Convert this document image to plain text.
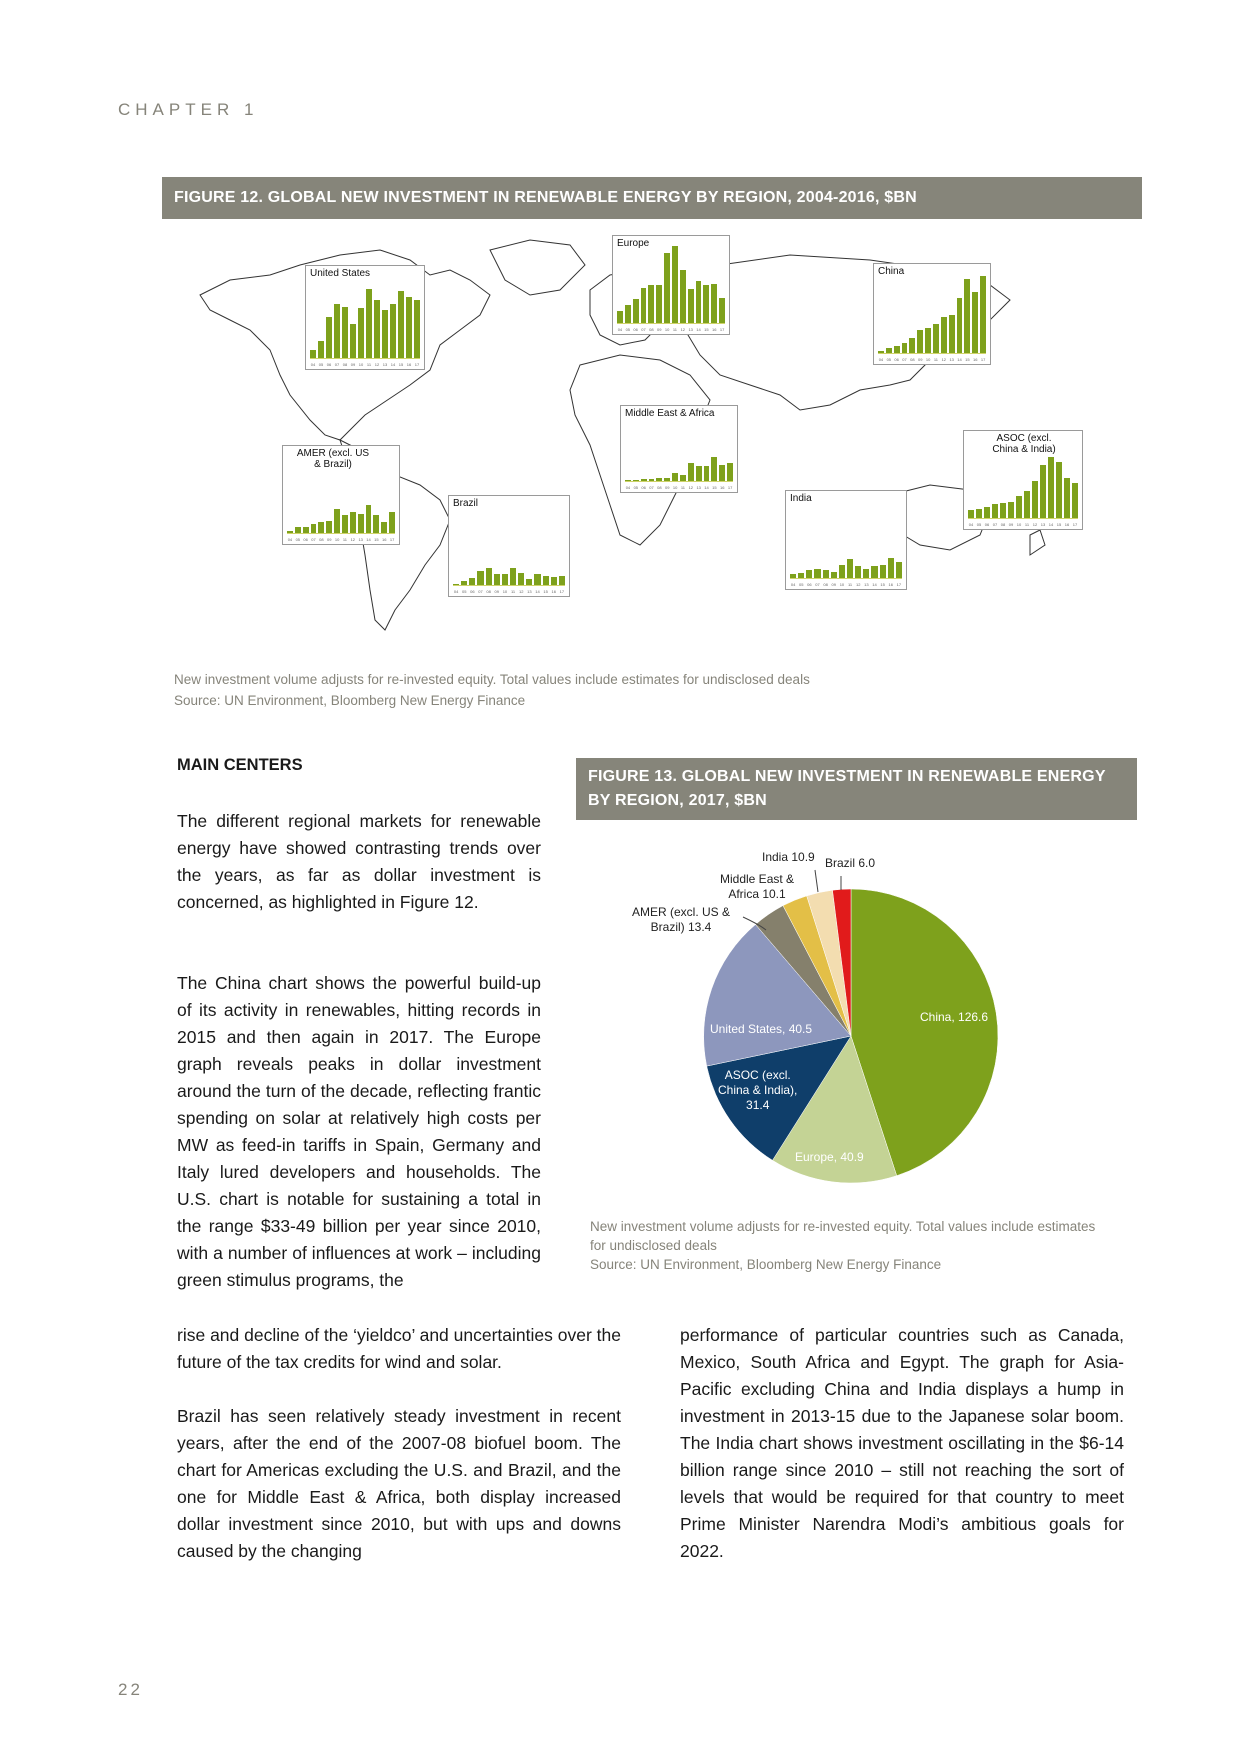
CHAPTER 1
FIGURE 12. GLOBAL NEW INVESTMENT IN RENEWABLE ENERGY BY REGION, 2004-2016, $BN
United States
04 05 06 07 08 09 10 11 12 13 14 15 16 17
Europe
04 05 06 07 08 09 10 11 12 13 14 15 16 17
China
04 05 06 07 08 09 10 11 12 13 14 15 16 17
Middle East & Africa
04 05 06 07 08 09 10 11 12 13 14 15 16 17
ASOC (excl. China & India)
04 05 06 07 08 09 10 11 12 13 14 15 16 17
AMER (excl. US & Brazil)
04 05 06 07 08 09 10 11 12 13 14 15 16 17
Brazil
04 05 06 07 08 09 10 11 12 13 14 15 16 17
India
04 05 06 07 08 09 10 11 12 13 14 15 16 17
New investment volume adjusts for re-invested equity. Total values include estimates for undisclosed deals
Source: UN Environment, Bloomberg New Energy Finance
MAIN CENTERS
The different regional markets for renewable energy have showed contrasting trends over the years, as far as dollar investment is concerned, as highlighted in Figure 12.
The China chart shows the powerful build-up of its activity in renewables, hitting records in 2015 and then again in 2017. The Europe graph reveals peaks in dollar investment around the turn of the decade, reflecting frantic spending on solar at relatively high costs per MW as feed-in tariffs in Spain, Germany and Italy lured developers and households. The U.S. chart is notable for sustaining a total in the range $33-49 billion per year since 2010, with a number of influences at work – including green stimulus programs, the
rise and decline of the ‘yieldco’ and uncertainties over the future of the tax credits for wind and solar.
Brazil has seen relatively steady investment in recent years, after the end of the 2007-08 biofuel boom. The chart for Americas excluding the U.S. and Brazil, and the one for Middle East & Africa, both display increased dollar investment since 2010, but with ups and downs caused by the changing
performance of particular countries such as Canada, Mexico, South Africa and Egypt. The graph for Asia-Pacific excluding China and India displays a hump in investment in 2013-15 due to the Japanese solar boom. The India chart shows investment oscillating in the $6-14 billion range since 2010 – still not reaching the sort of levels that would be required for that country to meet Prime Minister Narendra Modi’s ambitious goals for 2022.
FIGURE 13. GLOBAL NEW INVESTMENT IN RENEWABLE ENERGY BY REGION, 2017, $BN
India 10.9 Brazil 6.0
Middle East &
Africa 10.1
AMER (excl. US &
Brazil) 13.4
China, 126.6
United States, 40.5
ASOC (excl.
China & India),
31.4
Europe, 40.9
New investment volume adjusts for re-invested equity. Total values include estimates for undisclosed deals
Source: UN Environment, Bloomberg New Energy Finance
22
